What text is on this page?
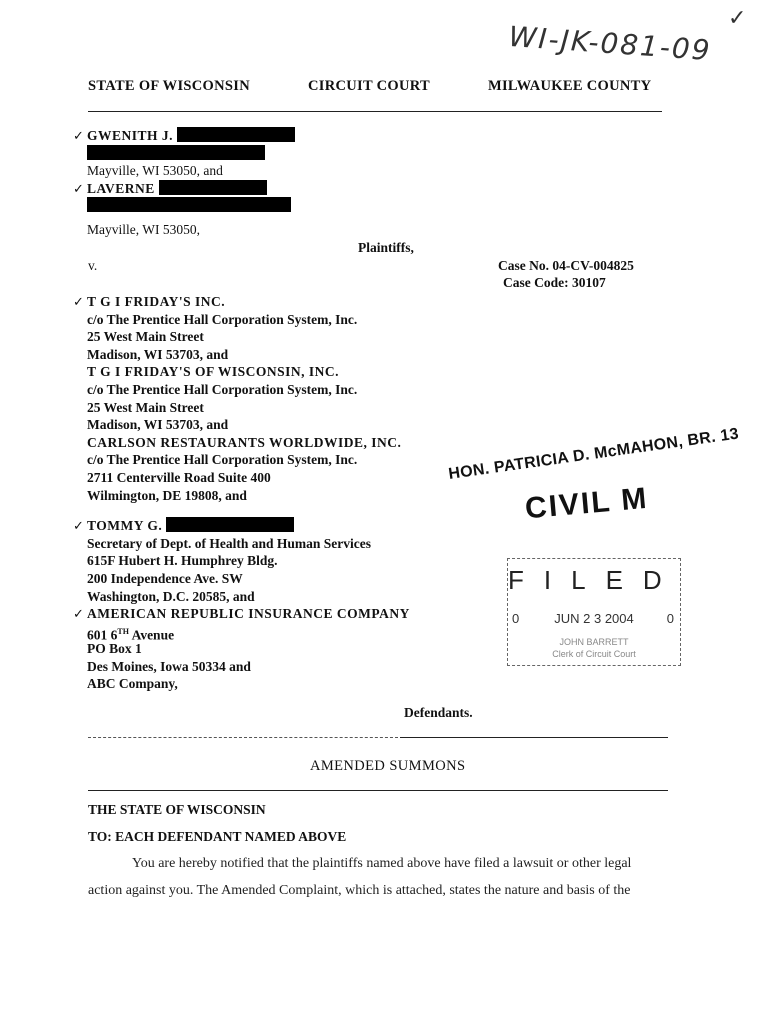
WI-JK-081-09
✓
STATE OF WISCONSIN	CIRCUIT COURT	MILWAUKEE COUNTY
✓ GWENITH J.
Mayville, WI 53050, and
✓ LAVERNE
Mayville, WI 53050,
Plaintiffs,
v.	Case No. 04-CV-004825
Case Code: 30107
✓ T G I FRIDAY'S INC.
c/o The Prentice Hall Corporation System, Inc.
25 West Main Street
Madison, WI 53703, and
T G I FRIDAY'S OF WISCONSIN, INC.
c/o The Prentice Hall Corporation System, Inc.
25 West Main Street
Madison, WI 53703, and
CARLSON RESTAURANTS WORLDWIDE, INC.
c/o The Prentice Hall Corporation System, Inc.
2711 Centerville Road Suite 400
Wilmington, DE 19808, and
✓ TOMMY G.
Secretary of Dept. of Health and Human Services
615F Hubert H. Humphrey Bldg.
200 Independence Ave. SW
Washington, D.C. 20585, and
✓ AMERICAN REPUBLIC INSURANCE COMPANY
601 6TH Avenue
PO Box 1
Des Moines, Iowa 50334 and
ABC Company,
Defendants.
HON. PATRICIA D. McMAHON, BR. 13
CIVIL M
FILED
0	JUN 2 3 2004	0
JOHN BARRETT
Clerk of Circuit Court
AMENDED SUMMONS
THE STATE OF WISCONSIN
TO: EACH DEFENDANT NAMED ABOVE
You are hereby notified that the plaintiffs named above have filed a lawsuit or other legal
action against you. The Amended Complaint, which is attached, states the nature and basis of the
